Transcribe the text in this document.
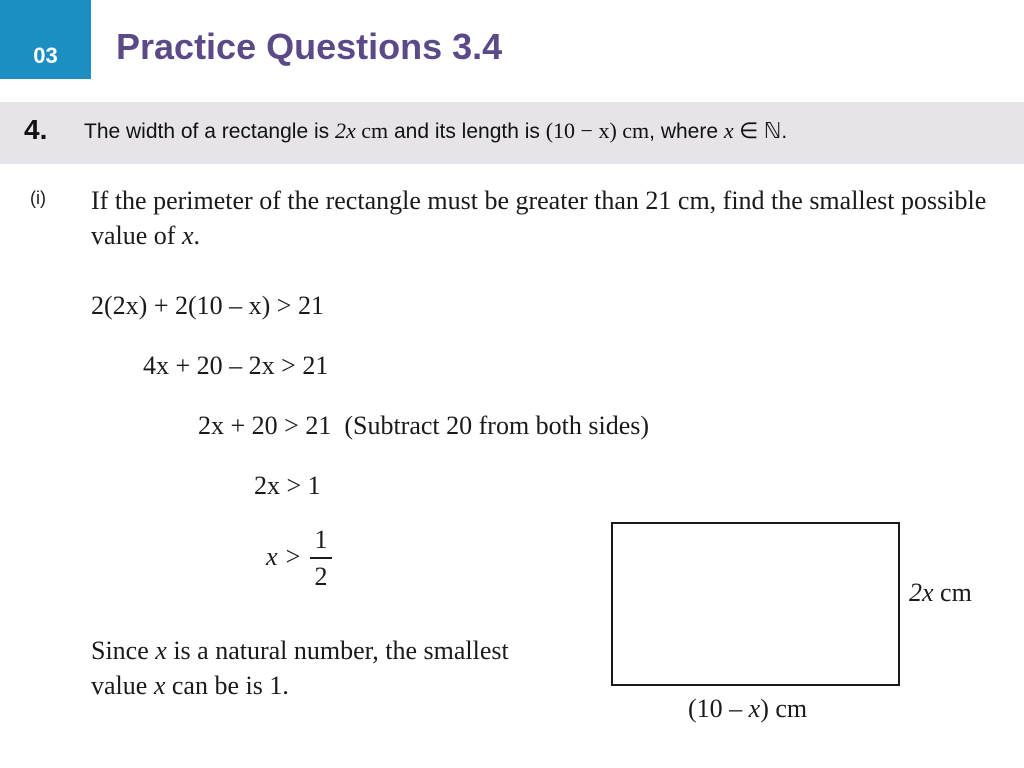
03	Practice Questions 3.4
4. The width of a rectangle is 2x cm and its length is (10 − x) cm, where x ∈ ℕ.
(i) If the perimeter of the rectangle must be greater than 21 cm, find the smallest possible value of x.
2(2x) + 2(10 – x) > 21
4x + 20 – 2x > 21
2x + 20 > 21 (Subtract 20 from both sides)
2x > 1
x >
1
2
Since x is a natural number, the smallest value x can be is 1.
2x cm
(10 – x) cm
